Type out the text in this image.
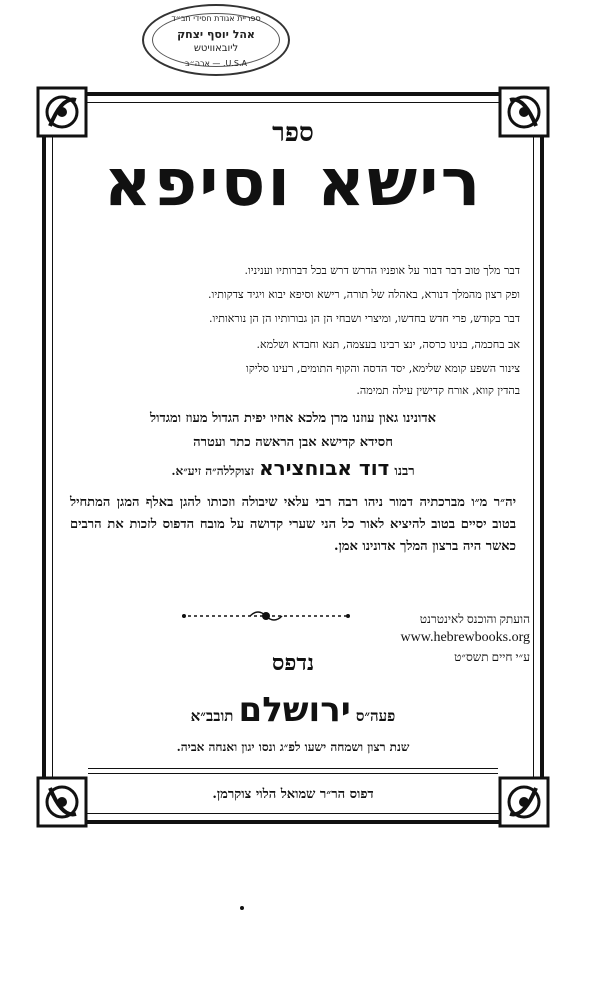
ספריית אגודת חסידי חב״ד
אהל יוסף יצחק
ליובאוויטש
U.S.A. — ארה״ב
ספר
רישא וסיפא
דבר מלך טוב דבר דבור על אופניו הדרש דרש בכל דברותיו ועניניו.
ופק רצון מהמלך דנורא, באהלה של תורה, רישא וסיפא יבוא ויגיד צדקותיו.
דבר בקודש, פרי חדש בחדשו, ומיצרי ושבחי הן הן גבורותיו הן הן נוראותיו.
אב בחכמה, בנינו כרסה, ינצ רבינו בעצמה, תנא וחבדא ושלמא.
צינור השפע קומא שלימא, יסד הדסה והקוף התומים, רעינו סליקו
בהדין קווא, אורח קדישין עילה תמימה.
אדונינו גאון עוזנו מרן מלכא אחיו יפית הגדול מעוז ומגדול
חסידא קדישא אבן הראשה כתר ועטרה
רבנו דוד אבוחצירא זצוקללה״ה זיע״א.
יה״ר מ״ו מברכתיה דמור ניהו רבה רבי עלאי שיבולה וזכותו להגן באלף המגן המתחיל בטוב יסיים בטוב להיציא לאור כל הני שערי קדושה על מובח הדפוס לזכות את הרבים כאשר היה ברצון המלך אדונינו אמן.
הועתק והוכנס לאינטרנט
www.hebrewbooks.org
ע״י חיים תשס״ט
נדפס
פעה״ס ירושלם תובב״א
שנת רצון ושמחה ישעו לפ״ג ונסו יגון ואנחה אביה.
דפוס הר״ר שמואל הלוי צוקרמן.
